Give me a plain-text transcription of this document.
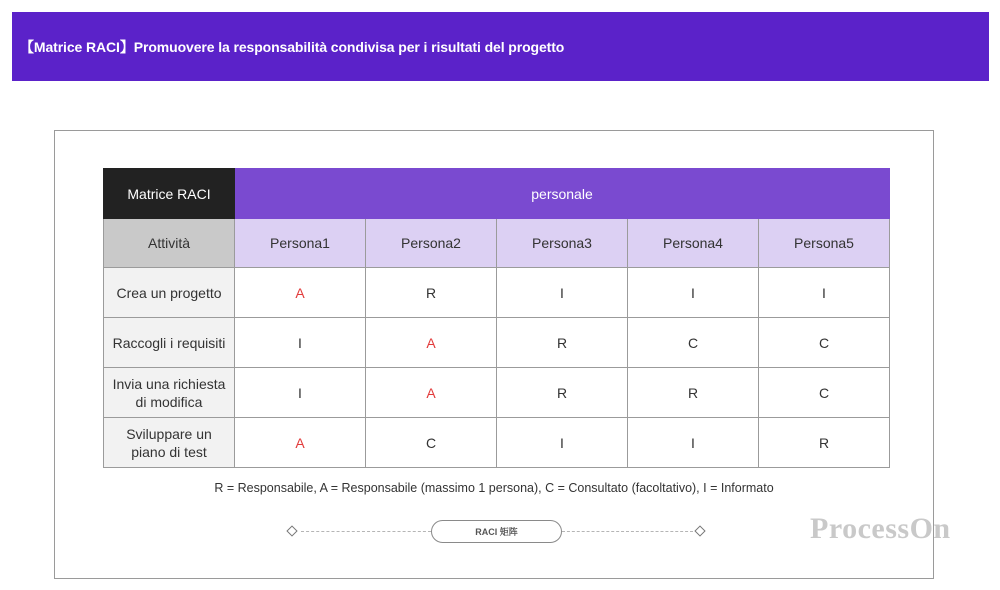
【Matrice RACI】Promuovere la responsabilità condivisa per i risultati del progetto
Matrice RACI	personale				
Attività	Persona1	Persona2	Persona3	Persona4	Persona5
Crea un progetto	A	R	I	I	I
Raccogli i requisiti	I	A	R	C	C
Invia una richiesta di modifica	I	A	R	R	C
Sviluppare un piano di test	A	C	I	I	R
R = Responsabile, A = Responsabile (massimo 1 persona), C = Consultato (facoltativo), I = Informato
RACI 矩阵	ProcessOn
